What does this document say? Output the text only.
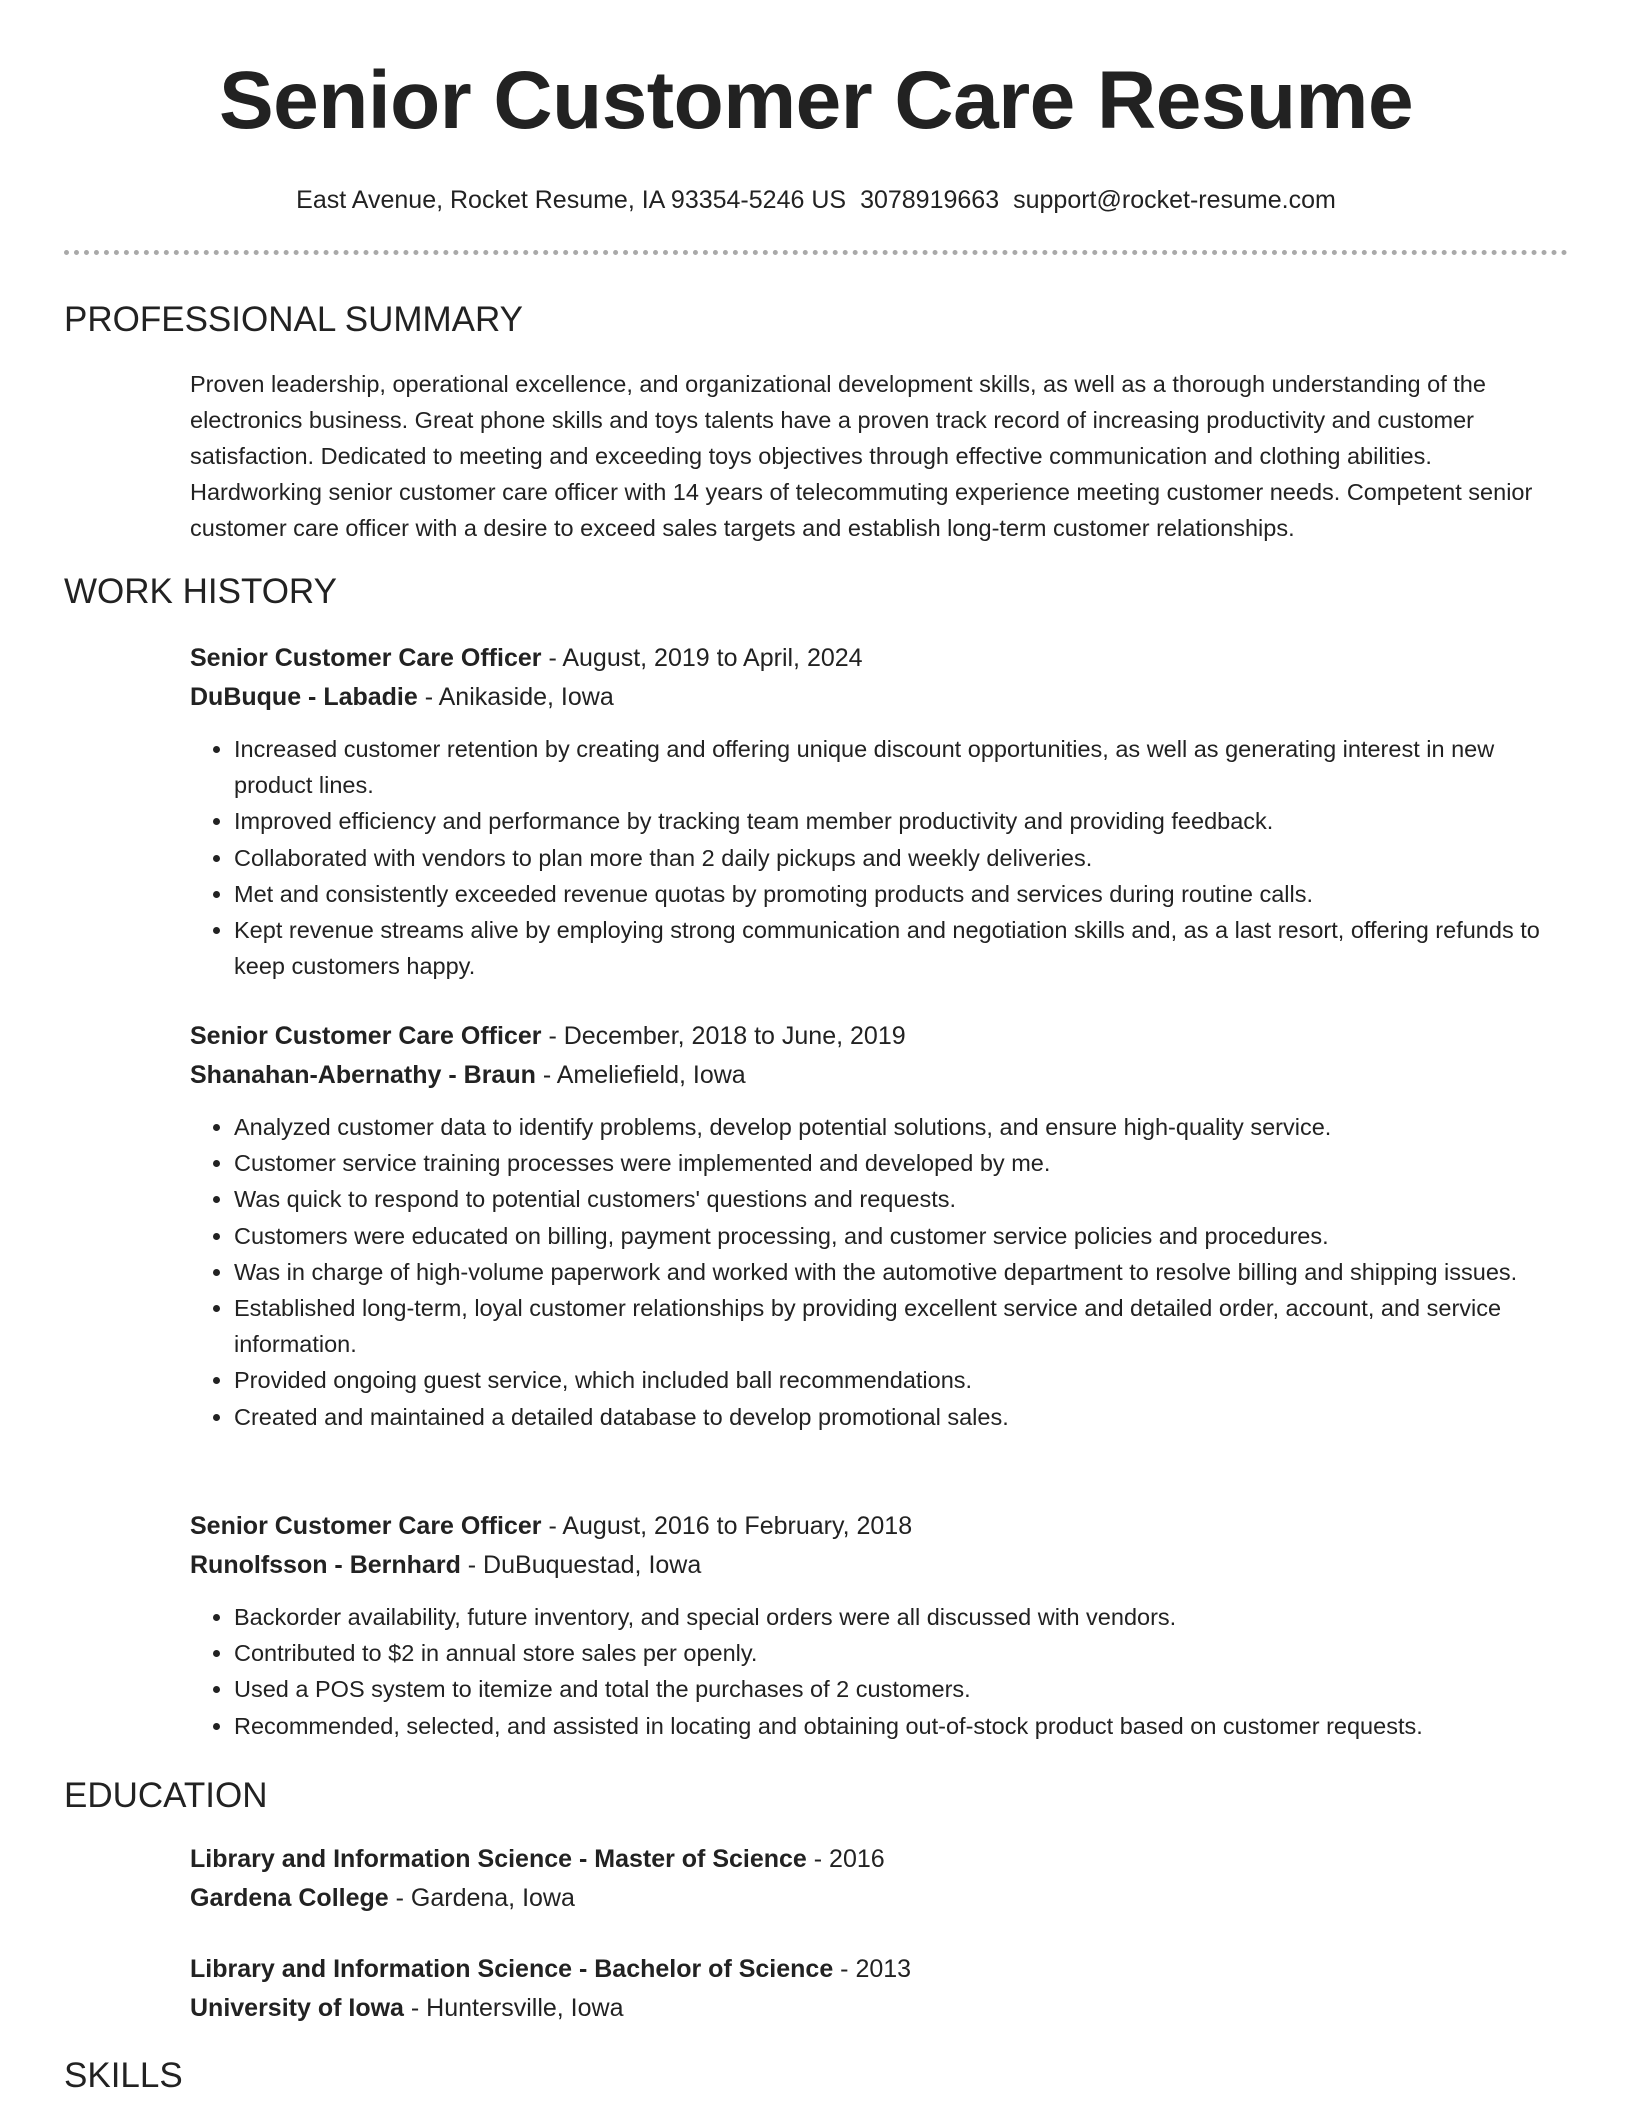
Senior Customer Care Resume
East Avenue, Rocket Resume, IA 93354-5246 US 3078919663 support@rocket-resume.com
PROFESSIONAL SUMMARY

Proven leadership, operational excellence, and organizational development skills, as well as a thorough understanding of the electronics business. Great phone skills and toys talents have a proven track record of increasing productivity and customer satisfaction. Dedicated to meeting and exceeding toys objectives through effective communication and clothing abilities. Hardworking senior customer care officer with 14 years of telecommuting experience meeting customer needs. Competent senior customer care officer with a desire to exceed sales targets and establish long-term customer relationships.

WORK HISTORY

Senior Customer Care Officer - August, 2019 to April, 2024

DuBuque - Labadie - Anikaside, Iowa

• Increased customer retention by creating and offering unique discount opportunities, as well as generating interest in new product lines.
• Improved efficiency and performance by tracking team member productivity and providing feedback.
• Collaborated with vendors to plan more than 2 daily pickups and weekly deliveries.
• Met and consistently exceeded revenue quotas by promoting products and services during routine calls.
• Kept revenue streams alive by employing strong communication and negotiation skills and, as a last resort, offering refunds to keep customers happy.

Senior Customer Care Officer - December, 2018 to June, 2019

Shanahan-Abernathy - Braun - Ameliefield, Iowa

• Analyzed customer data to identify problems, develop potential solutions, and ensure high-quality service.
• Customer service training processes were implemented and developed by me.
• Was quick to respond to potential customers' questions and requests.
• Customers were educated on billing, payment processing, and customer service policies and procedures.
• Was in charge of high-volume paperwork and worked with the automotive department to resolve billing and shipping issues.
• Established long-term, loyal customer relationships by providing excellent service and detailed order, account, and service information.
• Provided ongoing guest service, which included ball recommendations.
• Created and maintained a detailed database to develop promotional sales.

Senior Customer Care Officer - August, 2016 to February, 2018

Runolfsson - Bernhard - DuBuquestad, Iowa

• Backorder availability, future inventory, and special orders were all discussed with vendors.
• Contributed to $2 in annual store sales per openly.
• Used a POS system to itemize and total the purchases of 2 customers.
• Recommended, selected, and assisted in locating and obtaining out-of-stock product based on customer requests.
EDUCATION

Library and Information Science - Master of Science - 2016

Gardena College - Gardena, Iowa

Library and Information Science - Bachelor of Science - 2013

University of Iowa - Huntersville, Iowa

SKILLS
